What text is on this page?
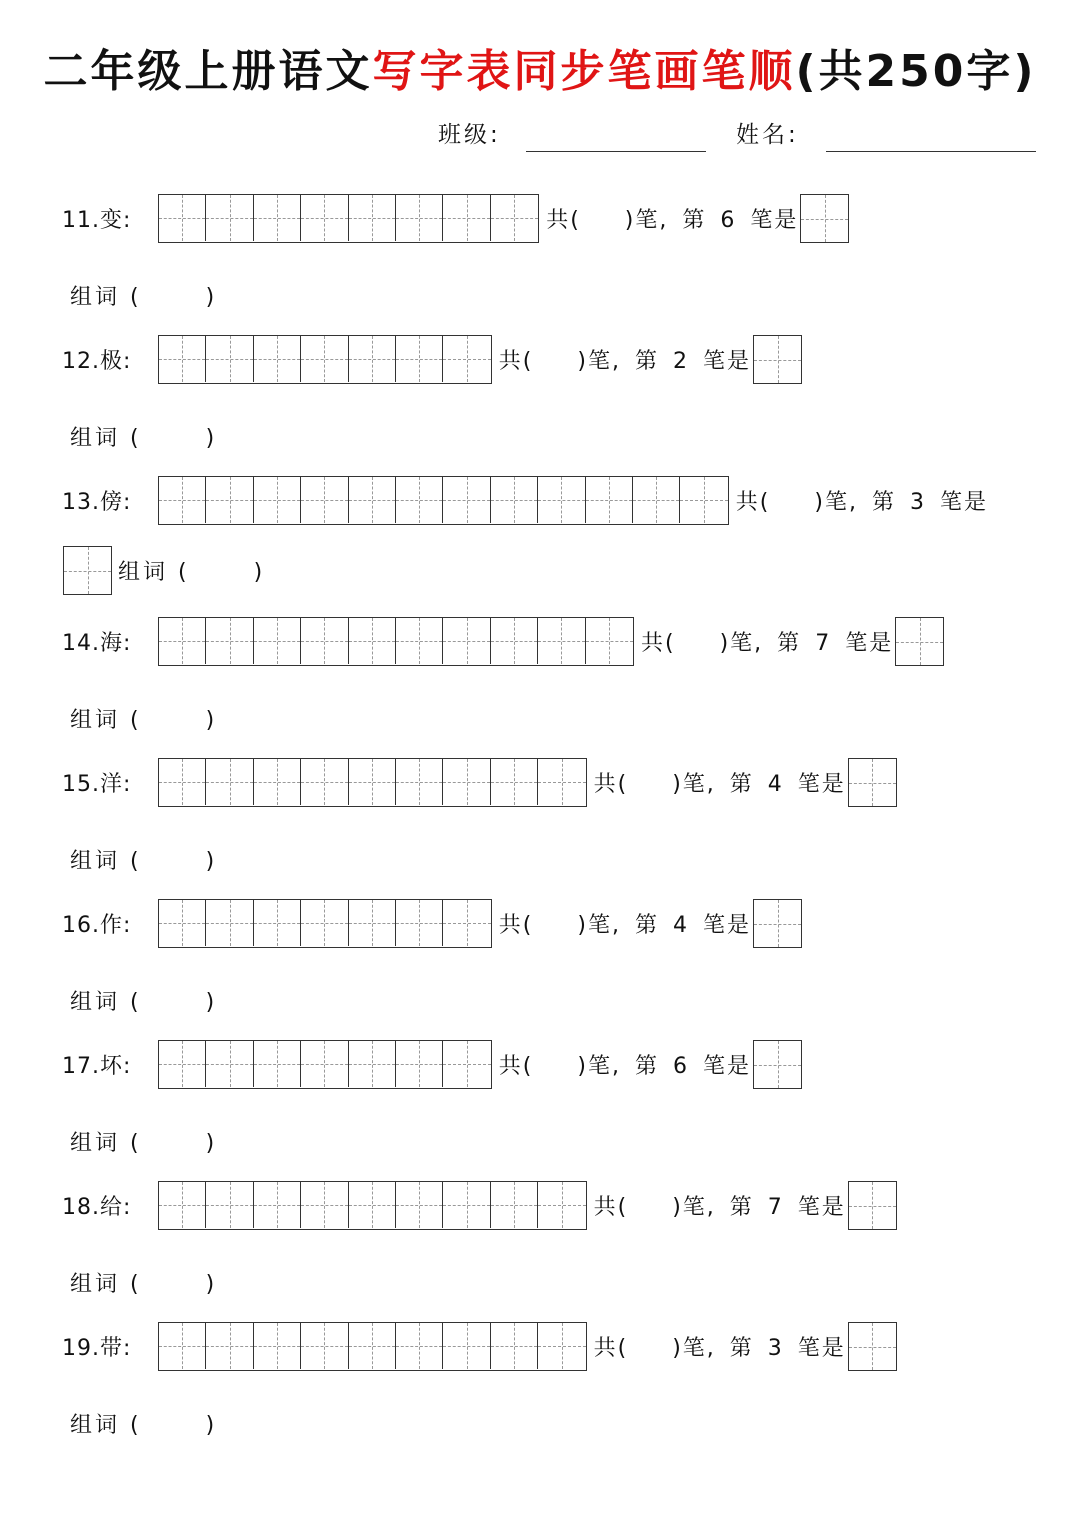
二年级上册语文写字表同步笔画笔顺(共250字)
班级:	姓名:
11.变:	共( )笔, 第 6 笔是
12.极:	共( )笔, 第 2 笔是
13.傍:	共( )笔, 第 3 笔是
14.海:	共( )笔, 第 7 笔是
15.洋:	共( )笔, 第 4 笔是
16.作:	共( )笔, 第 4 笔是
17.坏:	共( )笔, 第 6 笔是
18.给:	共( )笔, 第 7 笔是
19.带:	共( )笔, 第 3 笔是
组词 (	)
组词 (	)
组词 (	)
组词 (	)
组词 (	)
组词 (	)
组词 (	)
组词 (	)
组词 (	)
